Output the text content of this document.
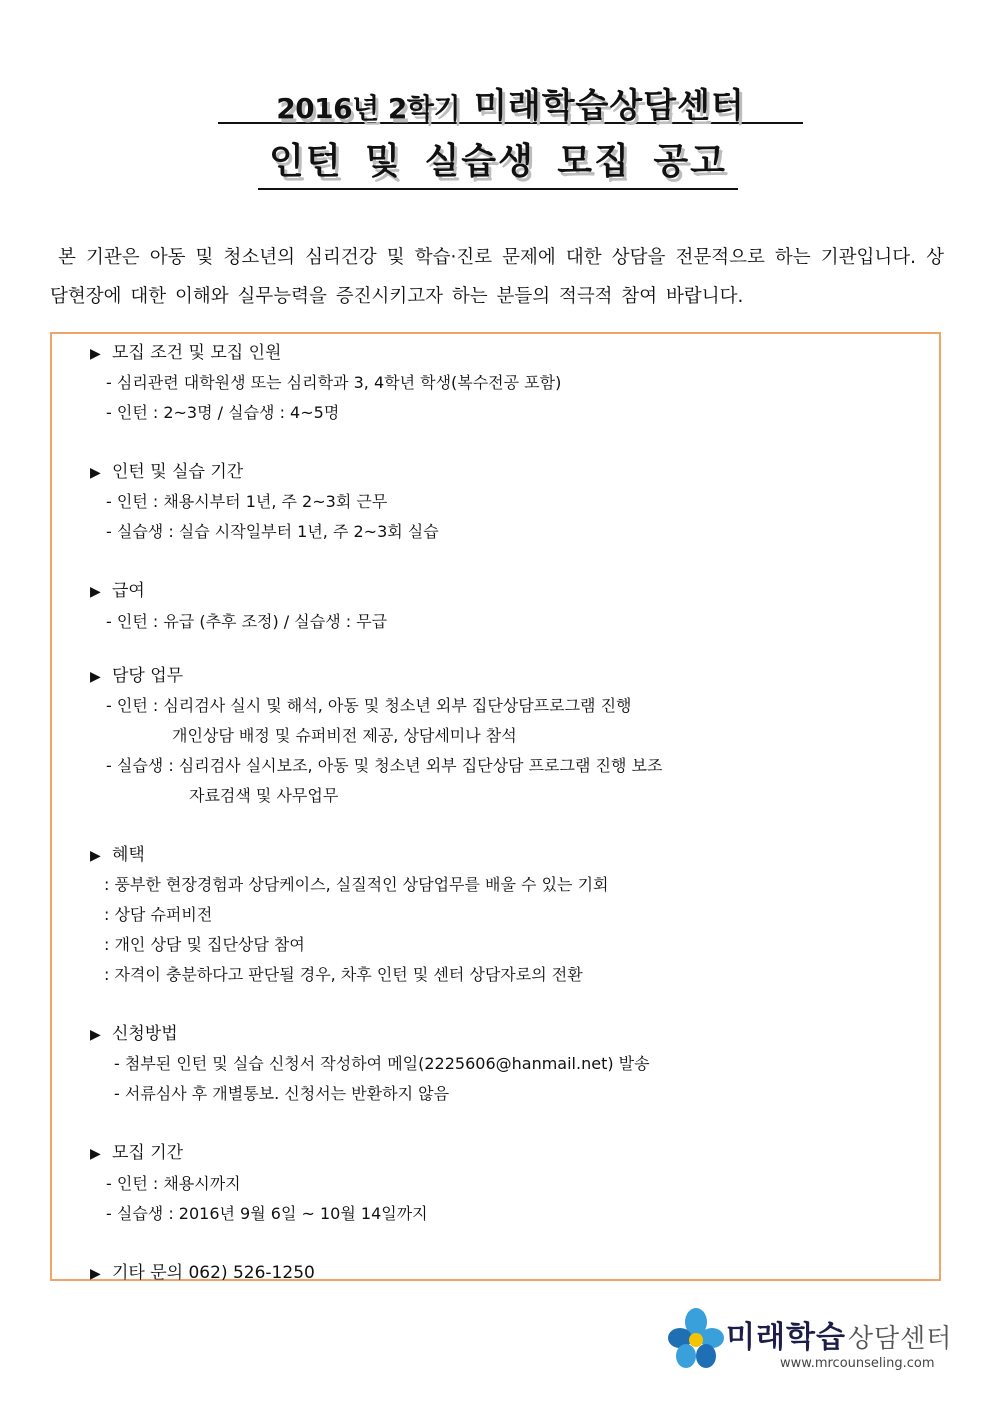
2016년 2학기 미래학습상담센터
인턴 및 실습생 모집 공고
본 기관은 아동 및 청소년의 심리건강 및 학습·진로 문제에 대한 상담을 전문적으로 하는 기관입니다. 상담현장에 대한 이해와 실무능력을 증진시키고자 하는 분들의 적극적 참여 바랍니다.
▶ 모집 조건 및 모집 인원
- 심리관련 대학원생 또는 심리학과 3, 4학년 학생(복수전공 포함)
- 인턴 : 2~3명 / 실습생 : 4~5명
▶ 인턴 및 실습 기간
- 인턴 : 채용시부터 1년, 주 2~3회 근무
- 실습생 : 실습 시작일부터 1년, 주 2~3회 실습
▶ 급여
- 인턴 : 유급 (추후 조정) / 실습생 : 무급
▶ 담당 업무
- 인턴 : 심리검사 실시 및 해석, 아동 및 청소년 외부 집단상담프로그램 진행
개인상담 배정 및 슈퍼비전 제공, 상담세미나 참석
- 실습생 : 심리검사 실시보조, 아동 및 청소년 외부 집단상담 프로그램 진행 보조
자료검색 및 사무업무
▶ 혜택
: 풍부한 현장경험과 상담케이스, 실질적인 상담업무를 배울 수 있는 기회
: 상담 슈퍼비전
: 개인 상담 및 집단상담 참여
: 자격이 충분하다고 판단될 경우, 차후 인턴 및 센터 상담자로의 전환
▶ 신청방법
- 첨부된 인턴 및 실습 신청서 작성하여 메일(2225606@hanmail.net) 발송
- 서류심사 후 개별통보. 신청서는 반환하지 않음
▶ 모집 기간
- 인턴 : 채용시까지
- 실습생 : 2016년 9월 6일 ~ 10월 14일까지
▶ 기타 문의 062) 526-1250
미래학습상담센터
www.mrcounseling.com
